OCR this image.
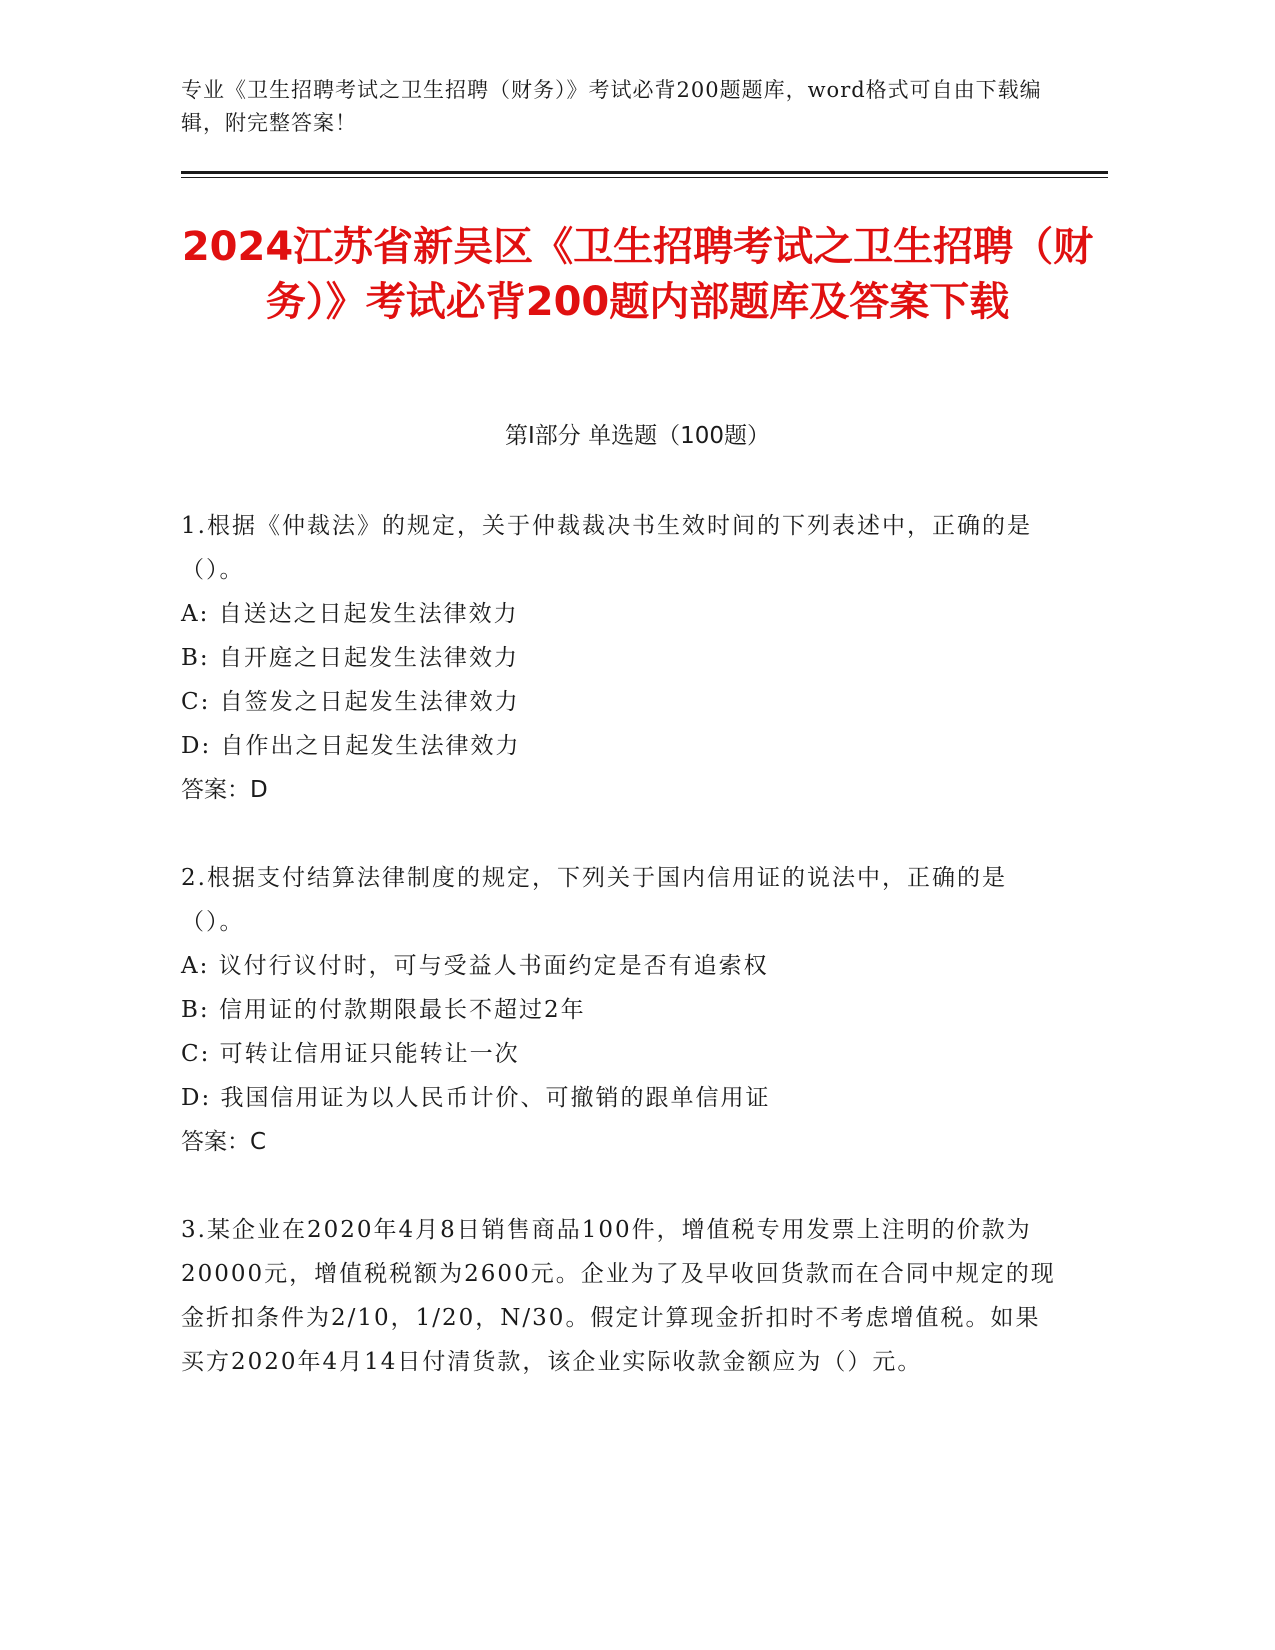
专业《卫生招聘考试之卫生招聘（财务）》考试必背200题题库，word格式可自由下载编辑，附完整答案！
2024江苏省新吴区《卫生招聘考试之卫生招聘（财务）》考试必背200题内部题库及答案下载
第I部分 单选题（100题）

1.根据《仲裁法》的规定，关于仲裁裁决书生效时间的下列表述中，正确的是（）。

A: 自送达之日起发生法律效力

B: 自开庭之日起发生法律效力

C: 自签发之日起发生法律效力

D: 自作出之日起发生法律效力

答案：D

2.根据支付结算法律制度的规定，下列关于国内信用证的说法中，正确的是（）。

A: 议付行议付时，可与受益人书面约定是否有追索权

B: 信用证的付款期限最长不超过2年

C: 可转让信用证只能转让一次

D: 我国信用证为以人民币计价、可撤销的跟单信用证

答案：C

3.某企业在2020年4月8日销售商品100件，增值税专用发票上注明的价款为20000元，增值税税额为2600元。企业为了及早收回货款而在合同中规定的现金折扣条件为2/10，1/20，N/30。假定计算现金折扣时不考虑增值税。如果买方2020年4月14日付清货款，该企业实际收款金额应为（）元。
